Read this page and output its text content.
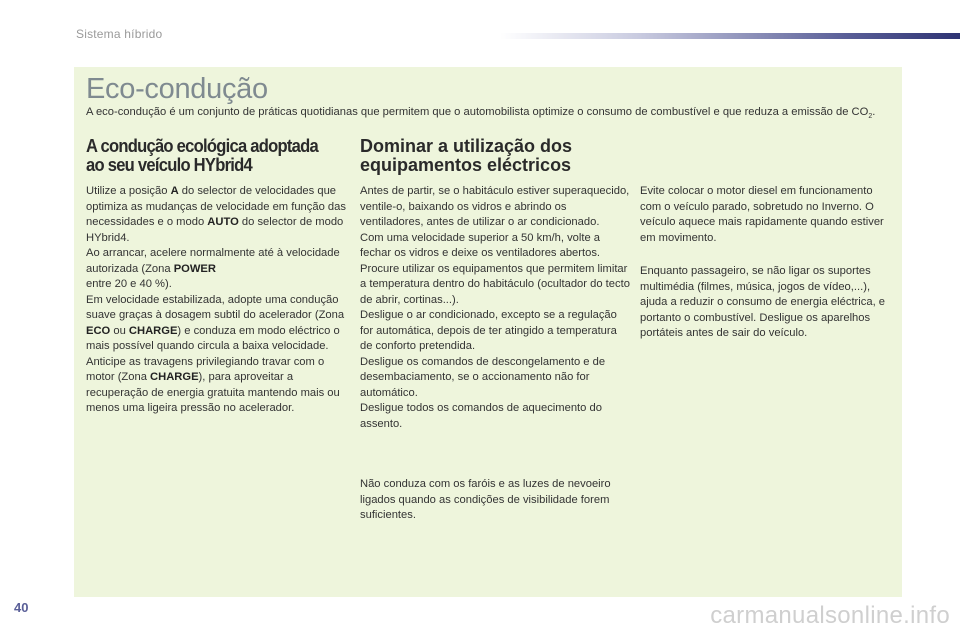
Sistema híbrido
Eco-condução
A eco-condução é um conjunto de práticas quotidianas que permitem que o automobilista optimize o consumo de combustível e que reduza a emissão de $CO_2$.
A condução ecológica adoptada
ao seu veículo HYbrid4
Dominar a utilização dos
equipamentos eléctricos

Utilize a posição A do selector de velocidades que optimiza as mudanças de velocidade em função das necessidades e o modo AUTO do selector de modo HYbrid4.

Ao arrancar, acelere normalmente até à velocidade autorizada (Zona POWER
entre 20 e 40 %).

Em velocidade estabilizada, adopte uma condução suave graças à dosagem subtil do acelerador (Zona ECO ou CHARGE) e conduza em modo eléctrico o mais possível quando circula a baixa velocidade.

Anticipe as travagens privilegiando travar com o motor (Zona CHARGE), para aproveitar a recuperação de energia gratuita mantendo mais ou menos uma ligeira pressão no acelerador.

Antes de partir, se o habitáculo estiver superaquecido, ventile-o, baixando os vidros e abrindo os ventiladores, antes de utilizar o ar condicionado.

Com uma velocidade superior a 50 km/h, volte a fechar os vidros e deixe os ventiladores abertos.

Procure utilizar os equipamentos que permitem limitar a temperatura dentro do habitáculo (ocultador do tecto de abrir, cortinas...).

Desligue o ar condicionado, excepto se a regulação for automática, depois de ter atingido a temperatura de conforto pretendida.

Desligue os comandos de descongelamento e de desembaciamento, se o accionamento não for automático.

Desligue todos os comandos de aquecimento do assento.

Não conduza com os faróis e as luzes de nevoeiro ligados quando as condições de visibilidade forem suficientes.

Evite colocar o motor diesel em funcionamento com o veículo parado, sobretudo no Inverno. O veículo aquece mais rapidamente quando estiver em movimento.

Enquanto passageiro, se não ligar os suportes multimédia (filmes, música, jogos de vídeo,...), ajuda a reduzir o consumo de energia eléctrica, e portanto o combustível. Desligue os aparelhos portáteis antes de sair do veículo.

40	carmanualsonline.info
